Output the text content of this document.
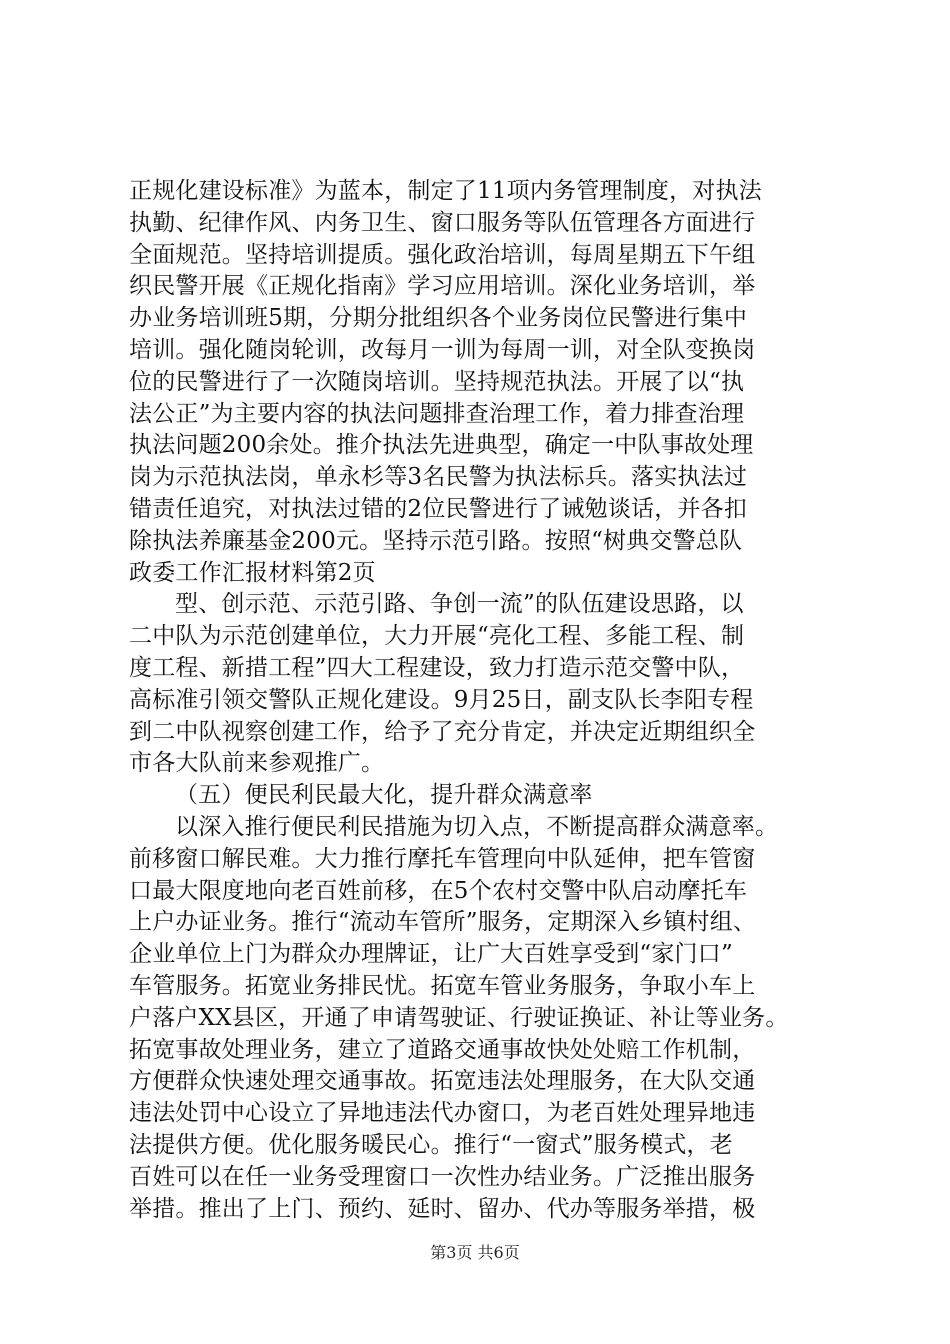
正规化建设标准》为蓝本，制定了11项内务管理制度，对执法
执勤、纪律作风、内务卫生、窗口服务等队伍管理各方面进行
全面规范。坚持培训提质。强化政治培训，每周星期五下午组
织民警开展《正规化指南》学习应用培训。深化业务培训，举
办业务培训班5期，分期分批组织各个业务岗位民警进行集中
培训。强化随岗轮训，改每月一训为每周一训，对全队变换岗
位的民警进行了一次随岗培训。坚持规范执法。开展了以“执
法公正”为主要内容的执法问题排查治理工作，着力排查治理
执法问题200余处。推介执法先进典型，确定一中队事故处理
岗为示范执法岗，单永杉等3名民警为执法标兵。落实执法过
错责任追究，对执法过错的2位民警进行了诫勉谈话，并各扣
除执法养廉基金200元。坚持示范引路。按照“树典交警总队
政委工作汇报材料第2页
型、创示范、示范引路、争创一流”的队伍建设思路，以
二中队为示范创建单位，大力开展“亮化工程、多能工程、制
度工程、新措工程”四大工程建设，致力打造示范交警中队，
高标准引领交警队正规化建设。9月25日，副支队长李阳专程
到二中队视察创建工作，给予了充分肯定，并决定近期组织全
市各大队前来参观推广。
（五）便民利民最大化，提升群众满意率
以深入推行便民利民措施为切入点，不断提高群众满意率。
前移窗口解民难。大力推行摩托车管理向中队延伸，把车管窗
口最大限度地向老百姓前移，在5个农村交警中队启动摩托车
上户办证业务。推行“流动车管所”服务，定期深入乡镇村组、
企业单位上门为群众办理牌证，让广大百姓享受到“家门口”
车管服务。拓宽业务排民忧。拓宽车管业务服务，争取小车上
户落户XX县区，开通了申请驾驶证、行驶证换证、补让等业务。
拓宽事故处理业务，建立了道路交通事故快处处赔工作机制，
方便群众快速处理交通事故。拓宽违法处理服务，在大队交通
违法处罚中心设立了异地违法代办窗口，为老百姓处理异地违
法提供方便。优化服务暖民心。推行“一窗式”服务模式，老
百姓可以在任一业务受理窗口一次性办结业务。广泛推出服务
举措。推出了上门、预约、延时、留办、代办等服务举措，极
第3页 共6页
